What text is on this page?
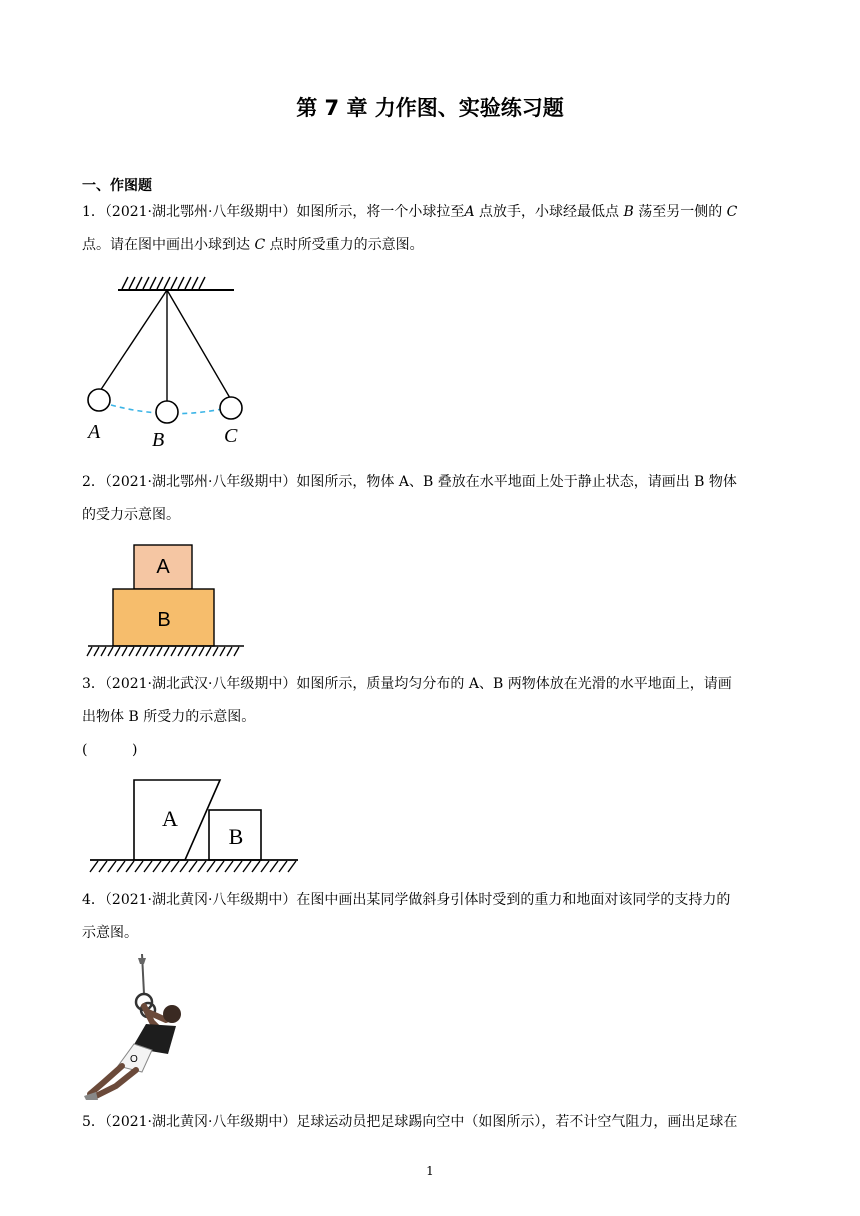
第 7 章 力作图、实验练习题
一、作图题
1．（2021·湖北鄂州·八年级期中）如图所示，将一个小球拉至A 点放手，小球经最低点 B 荡至另一侧的 C
点。请在图中画出小球到达 C 点时所受重力的示意图。
A	B	C
2．（2021·湖北鄂州·八年级期中）如图所示，物体 A、B 叠放在水平地面上处于静止状态，请画出 B 物体
的受力示意图。
A
B
3．（2021·湖北武汉·八年级期中）如图所示，质量均匀分布的 A、B 两物体放在光滑的水平地面上，请画
出物体 B 所受力的示意图。
(          )
A
B
4．（2021·湖北黄冈·八年级期中）在图中画出某同学做斜身引体时受到的重力和地面对该同学的支持力的
示意图。
O
5．（2021·湖北黄冈·八年级期中）足球运动员把足球踢向空中（如图所示），若不计空气阻力，画出足球在
1
